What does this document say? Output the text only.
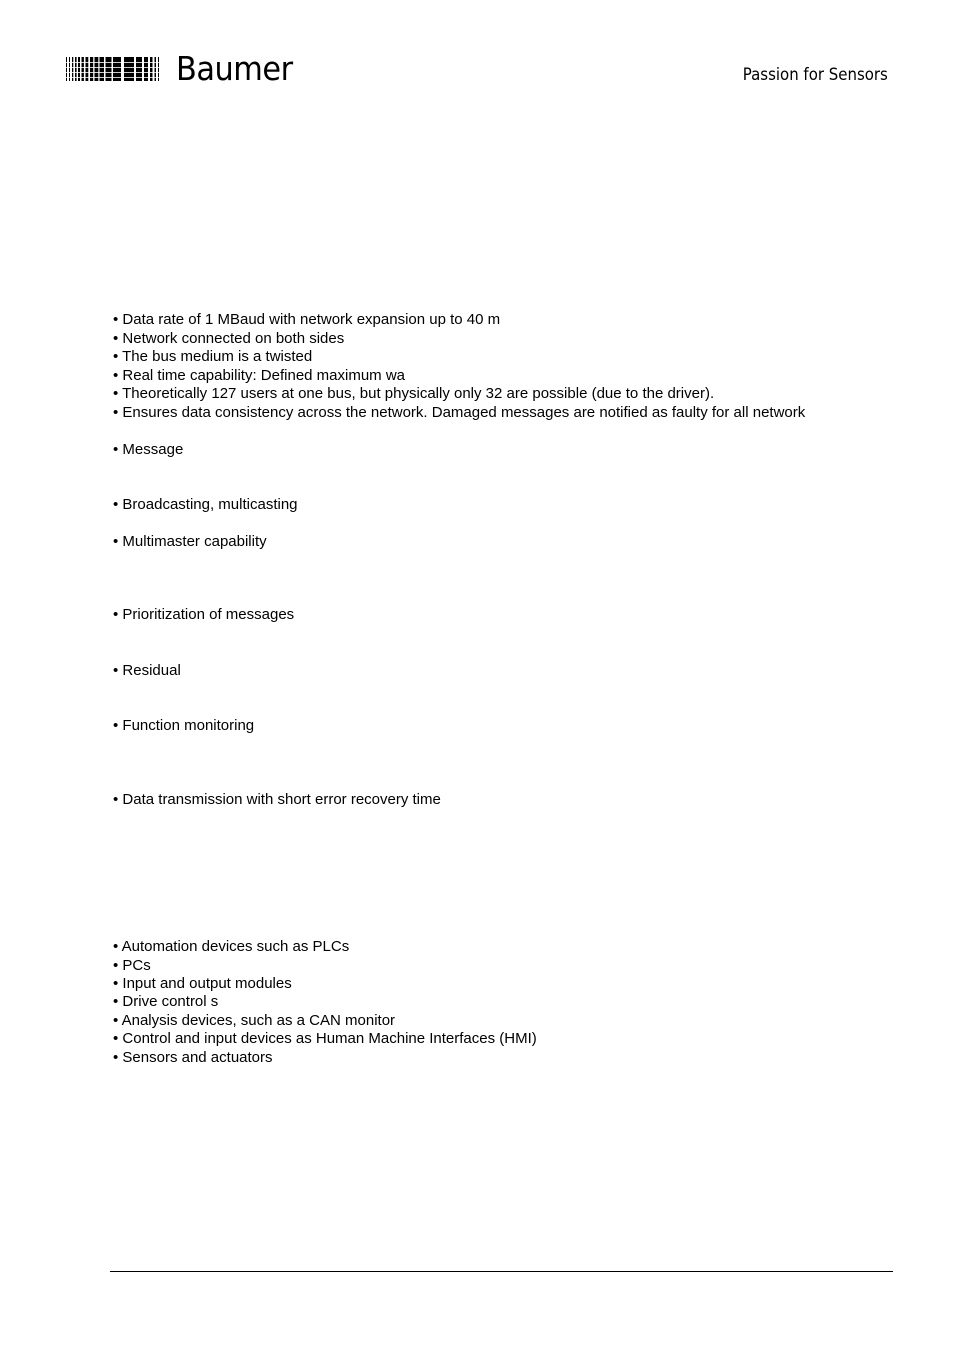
Baumer	Passion for Sensors
• Data rate of 1 MBaud with network expansion up to 40 m
• Network connected on both sides
• The bus medium is a twisted
• Real time capability: Defined maximum wa
• Theoretically 127 users at one bus, but physically only 32 are possible (due to the driver).
• Ensures data consistency across the network. Damaged messages are notified as faulty for all network
• Message
• Broadcasting, multicasting
• Multimaster capability
• Prioritization of messages
• Residual
• Function monitoring
• Data transmission with short error recovery time
• Automation devices such as PLCs
• PCs
• Input and output modules
• Drive control s
• Analysis devices, such as a CAN monitor
• Control and input devices as Human Machine Interfaces (HMI)
• Sensors and actuators
